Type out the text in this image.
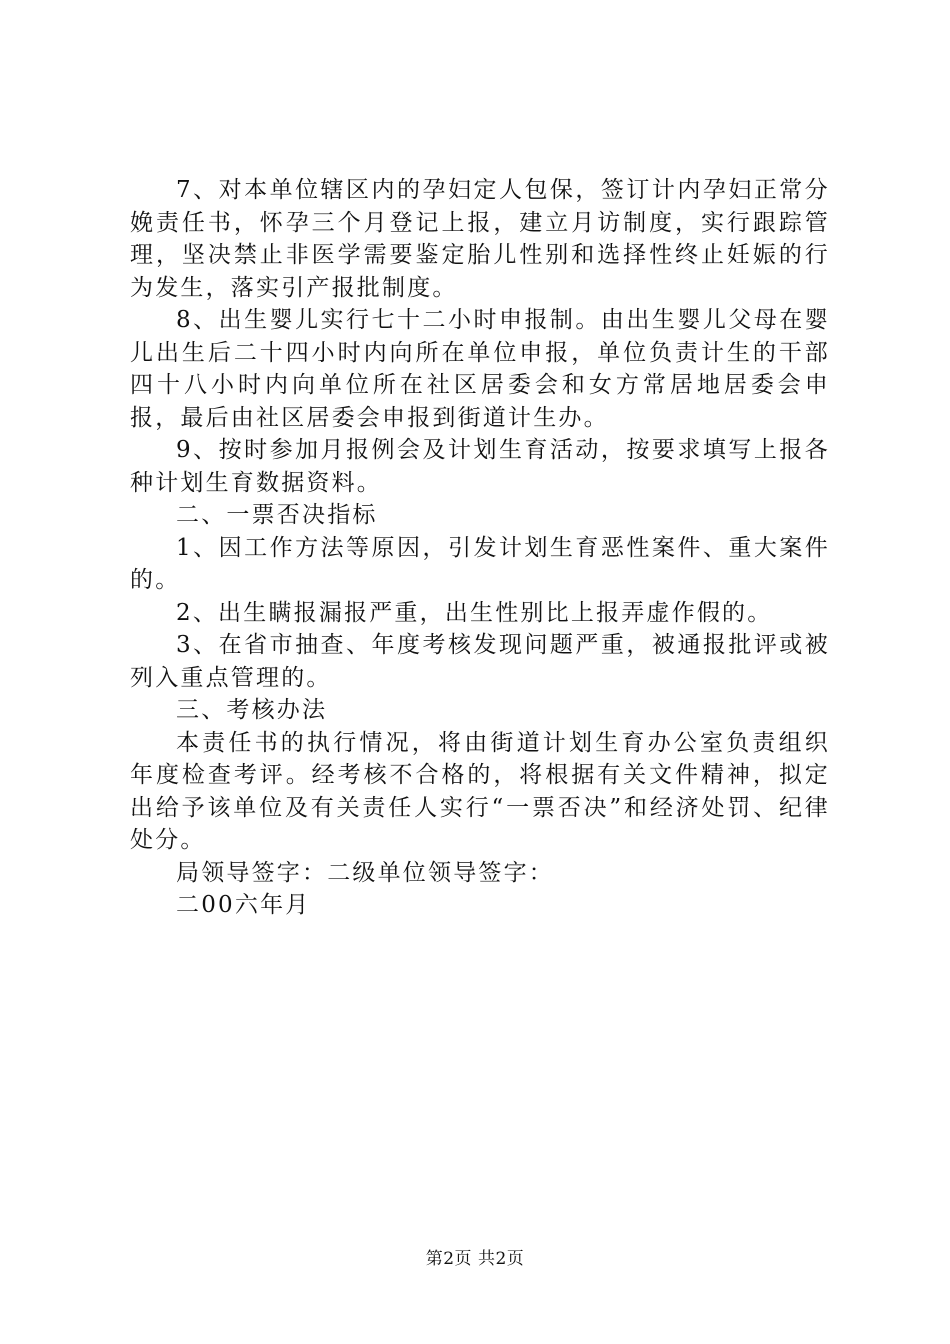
7、对本单位辖区内的孕妇定人包保，签订计内孕妇正常分娩责任书，怀孕三个月登记上报，建立月访制度，实行跟踪管理，坚决禁止非医学需要鉴定胎儿性别和选择性终止妊娠的行为发生，落实引产报批制度。

8、出生婴儿实行七十二小时申报制。由出生婴儿父母在婴儿出生后二十四小时内向所在单位申报，单位负责计生的干部四十八小时内向单位所在社区居委会和女方常居地居委会申报，最后由社区居委会申报到街道计生办。

9、按时参加月报例会及计划生育活动，按要求填写上报各种计划生育数据资料。

二、一票否决指标

1、因工作方法等原因，引发计划生育恶性案件、重大案件的。

2、出生瞒报漏报严重，出生性别比上报弄虚作假的。

3、在省市抽查、年度考核发现问题严重，被通报批评或被列入重点管理的。

三、考核办法

本责任书的执行情况，将由街道计划生育办公室负责组织年度检查考评。经考核不合格的，将根据有关文件精神，拟定出给予该单位及有关责任人实行“一票否决”和经济处罚、纪律处分。

局领导签字：二级单位领导签字：

二00六年月

第2页 共2页
